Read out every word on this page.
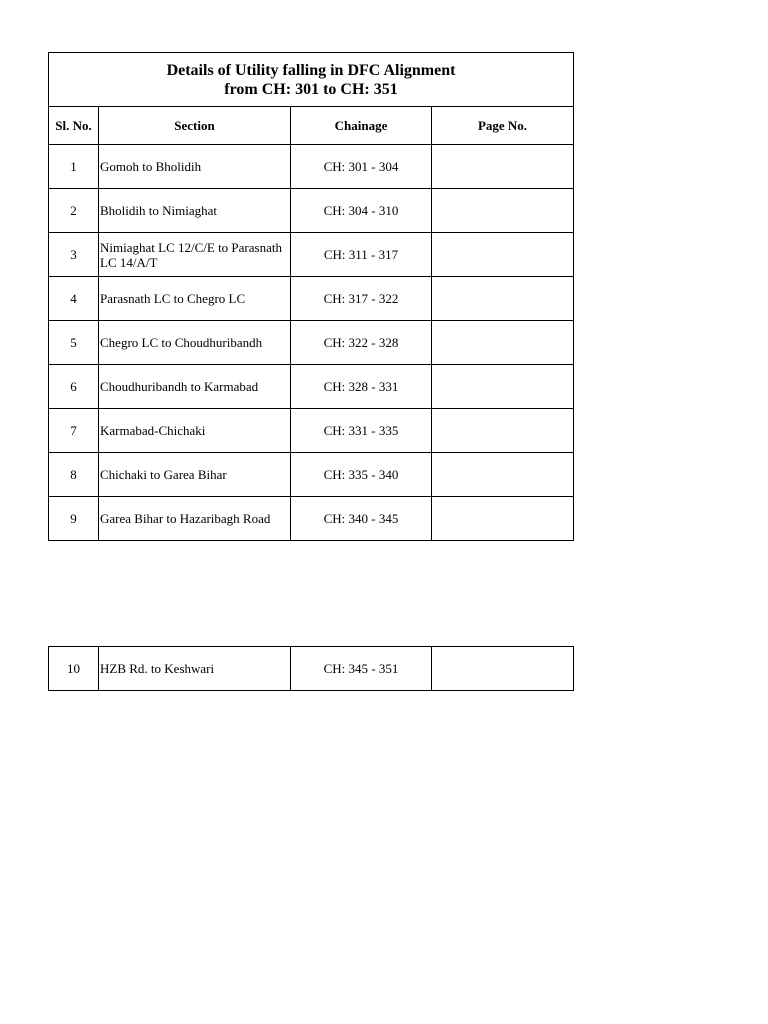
Details of Utility falling in DFC Alignment
from CH: 301 to CH: 351			

Sl. No.	Section	Chainage	Page No.
1	Gomoh to Bholidih	CH: 301 - 304	
2	Bholidih to Nimiaghat	CH: 304 - 310	
3	Nimiaghat LC 12/C/E to Parasnath LC 14/A/T	CH: 311 - 317	
4	Parasnath LC to Chegro LC	CH: 317 - 322	
5	Chegro LC to Choudhuribandh	CH: 322 - 328	
6	Choudhuribandh to Karmabad	CH: 328 - 331	
7	Karmabad-Chichaki	CH: 331 - 335	
8	Chichaki to Garea Bihar	CH: 335 - 340	
9	Garea Bihar to Hazaribagh Road	CH: 340 - 345	
10	HZB Rd. to Keshwari	CH: 345 - 351	
